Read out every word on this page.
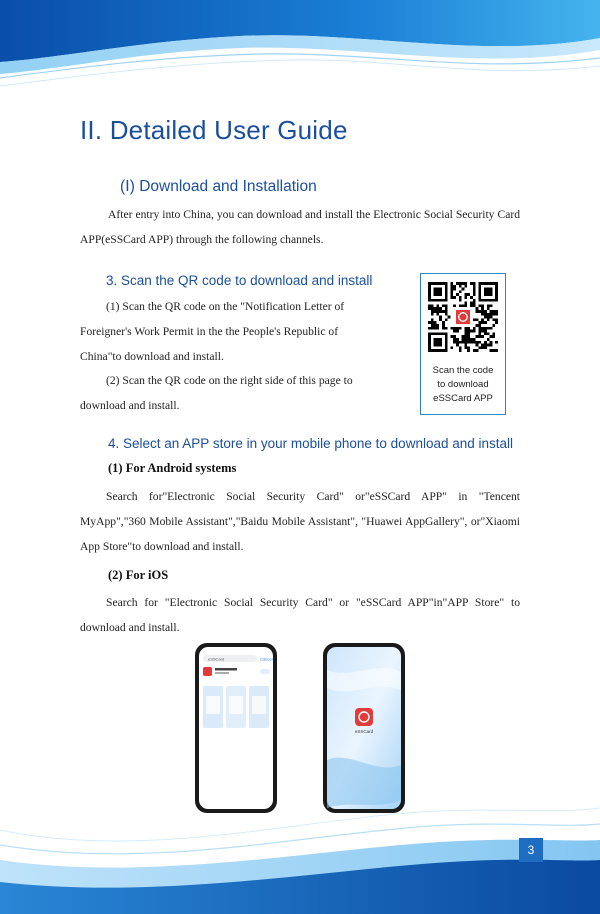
II. Detailed User Guide
(Ⅰ) Download and Installation
After entry into China, you can download and install the Electronic Social Security Card APP(eSSCard APP) through the following channels.
3. Scan the QR code to download and install
(1) Scan the QR code on the "Notification Letter of Foreigner's Work Permit in the the People's Republic of China"to download and install.
(2) Scan the QR code on the right side of this page to download and install.
Scan the code
to download
eSSCard APP
4. Select an APP store in your mobile phone to download and install
(1) For Android systems
Search for"Electronic Social Security Card" or"eSSCard APP" in "Tencent MyApp","360 Mobile Assistant","Baidu Mobile Assistant", "Huawei AppGallery", or"Xiaomi App Store"to download and install.
(2) For iOS
Search for "Electronic Social Security Card" or "eSSCard APP"in"APP Store" to download and install.
eSSCard	Cancel
eSSCard
3
